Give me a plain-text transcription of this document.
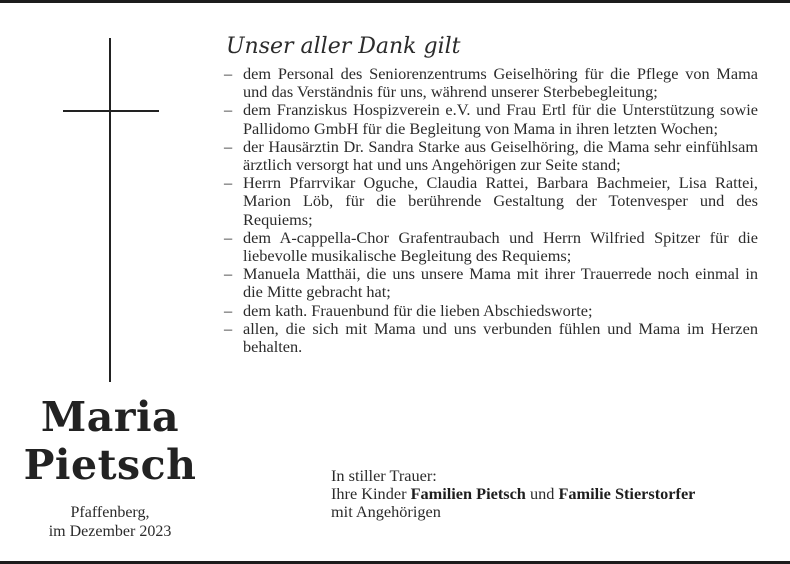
Maria
Pietsch
Pfaffenberg,
im Dezember 2023
Unser aller Dank gilt
– dem Personal des Seniorenzentrums Geiselhöring für die Pflege von Mama und das Verständnis für uns, während unserer Sterbebegleitung;
– dem Franziskus Hospizverein e.V. und Frau Ertl für die Unterstützung sowie Pallidomo GmbH für die Begleitung von Mama in ihren letzten Wochen;
– der Hausärztin Dr. Sandra Starke aus Geiselhöring, die Mama sehr einfühlsam ärztlich versorgt hat und uns Angehörigen zur Seite stand;
– Herrn Pfarrvikar Oguche, Claudia Rattei, Barbara Bachmeier, Lisa Rattei, Marion Löb, für die berührende Gestaltung der Totenvesper und des Requiems;
– dem A-cappella-Chor Grafentraubach und Herrn Wilfried Spitzer für die liebevolle musikalische Begleitung des Requiems;
– Manuela Matthäi, die uns unsere Mama mit ihrer Trauerrede noch einmal in die Mitte gebracht hat;
– dem kath. Frauenbund für die lieben Abschiedsworte;
– allen, die sich mit Mama und uns verbunden fühlen und Mama im Herzen behalten.
In stiller Trauer:
Ihre Kinder Familien Pietsch und Familie Stierstorfer
mit Angehörigen
